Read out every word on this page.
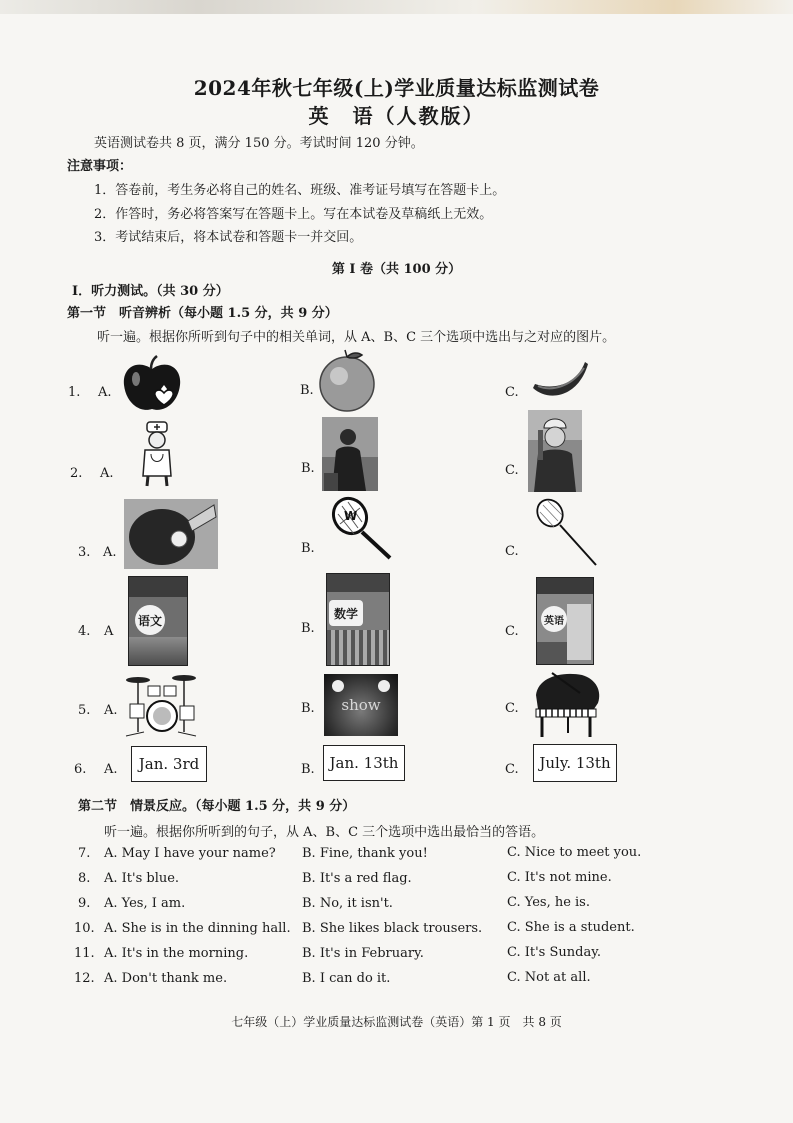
2024年秋七年级(上)学业质量达标监测试卷
英　语（人教版）
英语测试卷共 8 页，满分 150 分。考试时间 120 分钟。
注意事项：
1．答卷前，考生务必将自己的姓名、班级、准考证号填写在答题卡上。
2．作答时，务必将答案写在答题卡上。写在本试卷及草稿纸上无效。
3．考试结束后，将本试卷和答题卡一并交回。
第 Ⅰ 卷（共 100 分）
Ⅰ．听力测试。（共 30 分）
第一节　听音辨析（每小题 1.5 分，共 9 分）
听一遍。根据你所听到句子中的相关单词，从 A、B、C 三个选项中选出与之对应的图片。
1. A.	B.	C.
2. A.	B.	C.
3. A.	B.	C.
W
4. A	B.	C.
语文	数学
英语
5. A.	B.	C.
show
6. A.	B.	C.
Jan. 3rd	Jan. 13th	July. 13th
第二节　情景反应。（每小题 1.5 分，共 9 分）
听一遍。根据你所听到的句子，从 A、B、C 三个选项中选出最恰当的答语。
7. A. May I have your name? B. Fine, thank you!	C. Nice to meet you.
8. A. It's blue.	B. It's a red flag.	C. It's not mine.
9. A. Yes, I am.	B. No, it isn't.	C. Yes, he is.
10. A. She is in the dinning hall. B. She likes black trousers. C. She is a student.
11. A. It's in the morning.	B. It's in February.	C. It's Sunday.
12. A. Don't thank me.	B. I can do it.	C. Not at all.
七年级（上）学业质量达标监测试卷（英语）第 1 页　共 8 页
